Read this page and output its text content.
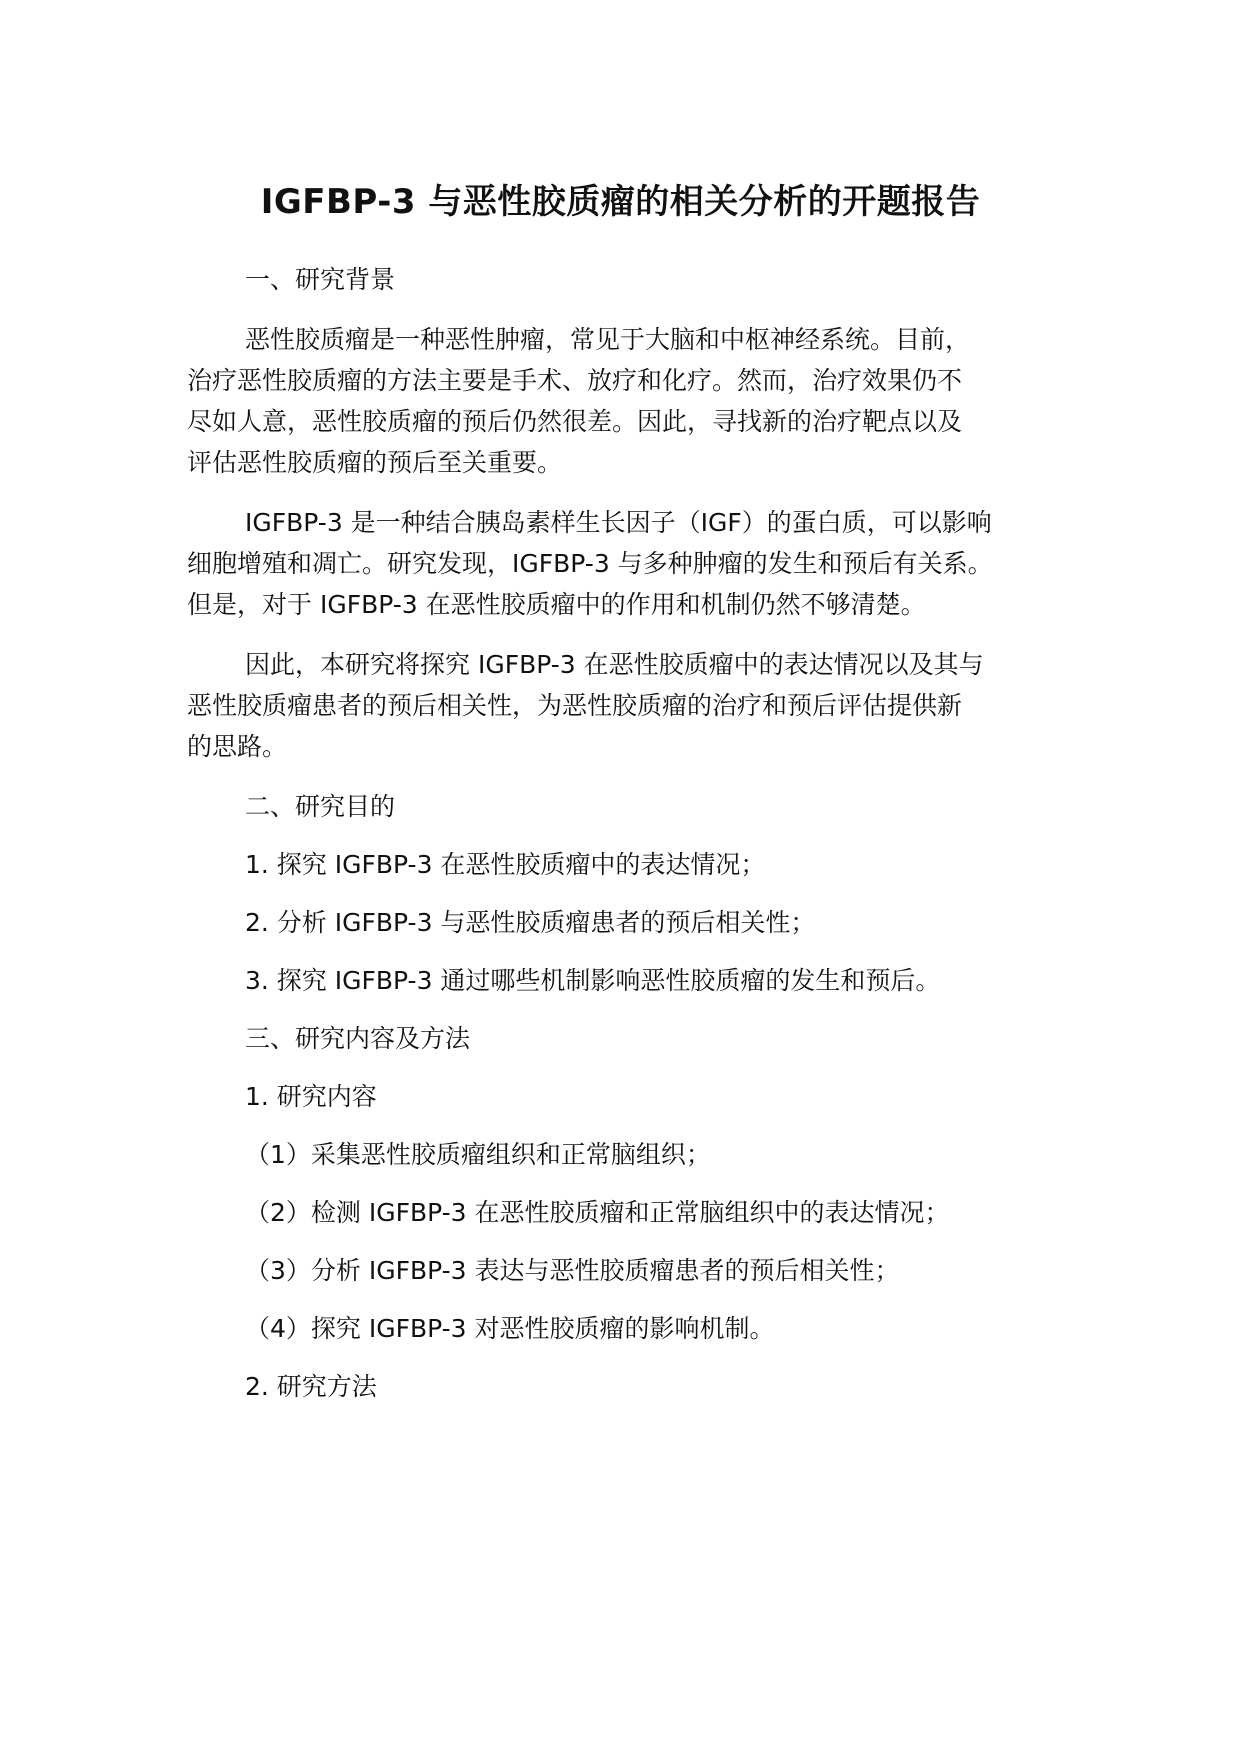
IGFBP-3 与恶性胶质瘤的相关分析的开题报告
一、研究背景
恶性胶质瘤是一种恶性肿瘤，常见于大脑和中枢神经系统。目前，
治疗恶性胶质瘤的方法主要是手术、放疗和化疗。然而，治疗效果仍不
尽如人意，恶性胶质瘤的预后仍然很差。因此，寻找新的治疗靶点以及
评估恶性胶质瘤的预后至关重要。
IGFBP-3 是一种结合胰岛素样生长因子（IGF）的蛋白质，可以影响
细胞增殖和凋亡。研究发现，IGFBP-3 与多种肿瘤的发生和预后有关系。
但是，对于 IGFBP-3 在恶性胶质瘤中的作用和机制仍然不够清楚。
因此，本研究将探究 IGFBP-3 在恶性胶质瘤中的表达情况以及其与
恶性胶质瘤患者的预后相关性，为恶性胶质瘤的治疗和预后评估提供新
的思路。
二、研究目的
1. 探究 IGFBP-3 在恶性胶质瘤中的表达情况；
2. 分析 IGFBP-3 与恶性胶质瘤患者的预后相关性；
3. 探究 IGFBP-3 通过哪些机制影响恶性胶质瘤的发生和预后。
三、研究内容及方法
1. 研究内容
（1）采集恶性胶质瘤组织和正常脑组织；
（2）检测 IGFBP-3 在恶性胶质瘤和正常脑组织中的表达情况；
（3）分析 IGFBP-3 表达与恶性胶质瘤患者的预后相关性；
（4）探究 IGFBP-3 对恶性胶质瘤的影响机制。
2. 研究方法
